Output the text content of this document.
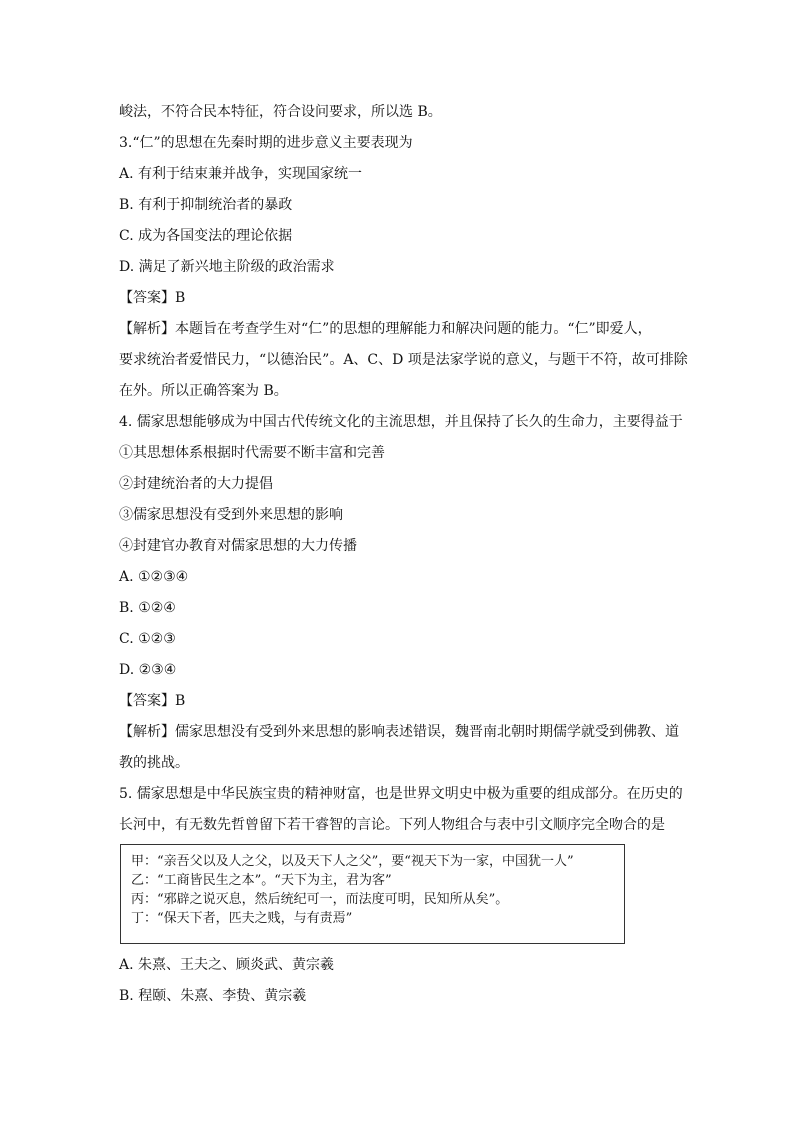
峻法，不符合民本特征，符合设问要求，所以选 B。
3.“仁”的思想在先秦时期的进步意义主要表现为
A. 有利于结束兼并战争，实现国家统一
B. 有利于抑制统治者的暴政
C. 成为各国变法的理论依据
D. 满足了新兴地主阶级的政治需求
【答案】B
【解析】本题旨在考查学生对“仁”的思想的理解能力和解决问题的能力。“仁”即爱人，
要求统治者爱惜民力，“以德治民”。A、C、D 项是法家学说的意义，与题干不符，故可排除
在外。所以正确答案为 B。
4. 儒家思想能够成为中国古代传统文化的主流思想，并且保持了长久的生命力，主要得益于
①其思想体系根据时代需要不断丰富和完善
②封建统治者的大力提倡
③儒家思想没有受到外来思想的影响
④封建官办教育对儒家思想的大力传播
A. ①②③④
B. ①②④
C. ①②③
D. ②③④
【答案】B
【解析】儒家思想没有受到外来思想的影响表述错误，魏晋南北朝时期儒学就受到佛教、道
教的挑战。
5. 儒家思想是中华民族宝贵的精神财富，也是世界文明史中极为重要的组成部分。在历史的
长河中，有无数先哲曾留下若干睿智的言论。下列人物组合与表中引文顺序完全吻合的是
甲：“亲吾父以及人之父，以及天下人之父”，要“视天下为一家，中国犹一人”
乙：“工商皆民生之本”。“天下为主，君为客”
丙：“邪辟之说灭息，然后统纪可一，而法度可明，民知所从矣”。
丁：“保天下者，匹夫之贱，与有责焉”
A. 朱熹、王夫之、顾炎武、黄宗羲
B. 程颐、朱熹、李贽、黄宗羲
